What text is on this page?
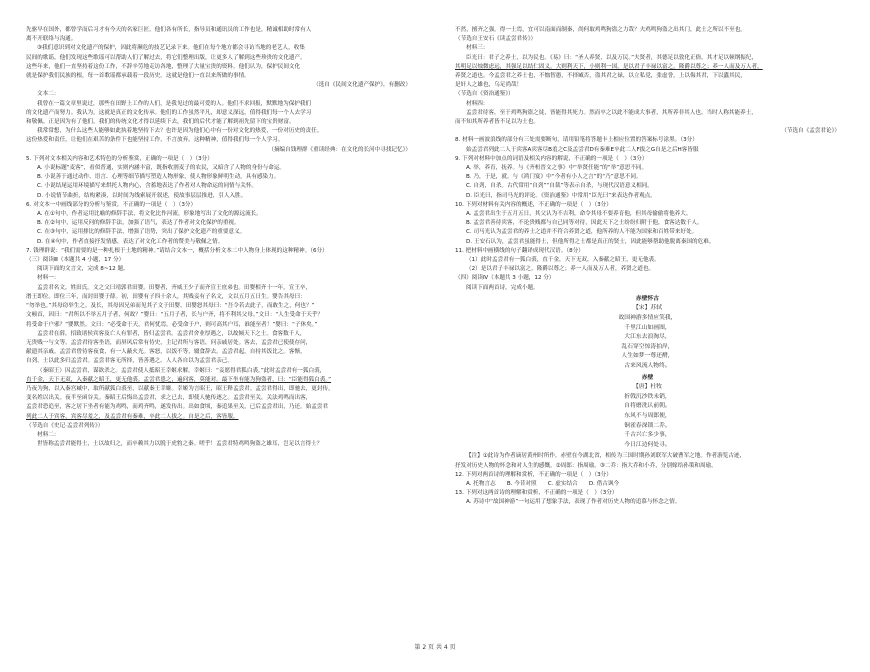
先驱早在国外，都曾学而后习才有今天的名家巨匠。他们各有所长，指导员和通讯员的工作也是，精诚相助时常有人

离不开联络与沟通。

③我们意识到对文化遗产的保护，因此将濒危的技艺记录下来。他们在每个地方都会寻访当地的老艺人，收集

民间的歌谣。他们发现这些歌谣可以帮助人们了解过去，将它们整理出版，让更多人了解到这些珍贵的文化遗产。

这些年来，他们一直坚持着这份工作，不辞辛劳地走访各地，整理了大量宝贵的资料。他们认为，保护民间文化

就是保护我们民族的根，每一首歌谣都承载着一段历史。这就是他们一直以来所做的事情。

（选自《民间文化遗产保护》，有删改）

文本二：

我曾在一篇文章里说过，那些在田野上工作的人们，是我见过的最可爱的人。他们不求回报，默默地为保护我们

的文化遗产而努力。我认为，这就是真正的文化传承。他们的工作虽然平凡，却意义深远，值得我们每一个人去学习

和敬佩。正是因为有了他们，我们的传统文化才得以延续下去，我们的后代才能了解到祖先留下的宝贵财富。

我常常想，为什么这些人能够如此执着地坚持下去？也许是因为他们心中有一份对文化的热爱，一份对历史的责任。

这份热爱和责任，让他们在艰苦的条件下也能坚持工作，不言放弃。这种精神，值得我们每一个人学习。

（摘编自钱理群《重读经典：在文化的长河中寻找记忆》）

5. 下列对文本相关内容和艺术特色的分析鉴赏，正确的一项是（　）（3分）

A. 小说标题“麦客”，看似普通，实则内涵丰富，既指收割麦子的农民，又暗含了人物的身份与命运。

B. 小说善于通过动作、语言、心理等细节描写塑造人物形象，使人物形象鲜明生动，具有感染力。

C. 小说结尾运用环境描写来烘托人物内心，含蓄地表达了作者对人物命运的同情与关怀。

D. 小说情节曲折，结构紧凑，以时间为线索展开叙述，使故事层层推进，引人入胜。

6. 对文本一中画线部分的分析与鉴赏，不正确的一项是（　）（3分）

A. 在①句中，作者运用比喻的修辞手法，将文化比作河流，形象地写出了文化的源远流长。

B. 在②句中，运用反问的修辞手法，加强了语气，表达了作者对文化保护的重视。

C. 在③句中，运用排比的修辞手法，增强了语势，突出了保护文化遗产的重要意义。

D. 在④句中，作者直接抒发情感，表达了对文化工作者的赞美与敬佩之情。

7. 钱理群说：“我们需要的是一种扎根于土地的精神。”请结合文本一，概括分析文本二中人物身上体现的这种精神。（6分）

（三）阅读Ⅲ（本题共 4 小题，17 分）

阅读下面的文言文，完成 8~12 题。

材料一：

孟尝君名文，姓田氏。文之父曰靖郭君田婴。田婴者，齐威王少子而齐宣王庶弟也。田婴相齐十一年，宣王卒，

湣王即位。即位三年，而封田婴于薛。初，田婴有子四十余人，其贱妾有子名文，文以五月五日生。婴告其母曰：

“勿举也。”其母窃举生之。及长，其母因兄弟而见其子文于田婴。田婴怒其母曰：“吾令若去此子，而敢生之，何也？”

文顿首，因曰：“君所以不举五月子者，何故？”婴曰：“五月子者，长与户齐，将不利其父母。”文曰：“人生受命于天乎？

将受命于户邪？”婴默然。文曰：“必受命于天，君何忧焉。必受命于户，则可高其户耳，谁能至者！”婴曰：“子休矣。”

孟尝君在薛，招致诸侯宾客及亡人有罪者，皆归孟尝君。孟尝君舍业厚遇之，以故倾天下之士。食客数千人，

无贵贱一与文等。孟尝君待客坐语，而屏风后常有侍史，主记君所与客语，问亲戚居处。客去，孟尝君已使使存问，

献遗其亲戚。孟尝君曾待客夜食，有一人蔽火光。客怒，以饭不等，辍食辞去。孟尝君起，自持其饭比之。客惭，

自刭。士以此多归孟尝君。孟尝君客无所择，皆善遇之。人人各自以为孟尝君亲己。

（秦昭王）囚孟尝君，谋欲杀之。孟尝君使人抵昭王幸姬求解。幸姬曰：“妾愿得君狐白裘。”此时孟尝君有一狐白裘，

直千金，天下无双，入秦献之昭王，更无他裘。孟尝君患之，遍问客，莫能对。最下坐有能为狗盗者，曰：“臣能得狐白裘。”

乃夜为狗，以入秦宫臧中，取所献狐白裘至，以献秦王幸姬。幸姬为言昭王，昭王释孟尝君。孟尝君得出，即驰去，更封传，

变名姓以出关。夜半至函谷关。秦昭王后悔出孟尝君，求之已去，即使人驰传逐之。孟尝君至关，关法鸡鸣而出客，

孟尝君恐追至，客之居下坐者有能为鸡鸣，而鸡齐鸣，遂发传出。出如食顷，秦追果至关，已后孟尝君出，乃还。始孟尝君

列此二人于宾客，宾客尽羞之，及孟尝君有秦难，卒此二人拔之。自是之后，客皆服。

（节选自《史记·孟尝君列传》）

材料二：

世皆称孟尝君能得士，士以故归之，而卒赖其力以脱于虎豹之秦。嗟乎！孟尝君特鸡鸣狗盗之雄耳，岂足以言得士？

不然，擅齐之强，得一士焉，宜可以南面而制秦，尚何取鸡鸣狗盗之力哉？夫鸡鸣狗盗之出其门，此士之所以不至也。

（节选自王安石《读孟尝君传》）

材料三：

臣光曰：君子之养士，以为民也。《易》曰：“圣人养贤，以及万民。”夫贤者，其德足以敦化正俗，其才足以顿纲振纪，

其明足以烛微虑远，其强足以结仁固义。大则利天下，小则利一国。是以君子丰禄以富之，隆爵以尊之；养一人而及万人者，

养贤之道也。今孟尝君之养士也，不恤智愚，不择臧否，盗其君之禄，以立私党，张虚誉，上以侮其君，下以蠹其民，

是奸人之雄也，乌足尚哉！

（节选自《资治通鉴》）

材料四：

孟尝君待客，至于鸡鸣狗盗之徒，皆能得其死力。然而卒之以此不能成大事者，其所养非其人也。当时人称其能养士，

而不知其所养者皆不足以为士也。

（节选自《孟尝君论》）

8. 材料一画波浪线的部分有三处需要断句，请用铅笔将答题卡上相应位置的答案标号涂黑。（3分）

始孟尝君列此二人于宾客A宾客尽B羞之C及孟尝君D有秦难E卒此二人F拔之G自是之后H客皆服

9. 下列对材料中加点的词语及相关内容的解说，不正确的一项是（　）（3分）

A. 举，养育，抚养。与《齐桓晋文之事》中“举贤任能”的“举”意思不同。

B. 乃，于是，就。与《鸿门宴》中“今者有小人之言”的“乃”意思不同。

C. 自刭，自杀。古代常用“自刭”“自裁”等表示自杀，与现代汉语意义相同。

D. 臣光曰，指司马光的评论。《资治通鉴》中常用“臣光曰”来表达作者观点。

10. 下列对材料有关内容的概述，不正确的一项是（　）（3分）

A. 孟尝君出生于五月五日，其父认为不吉利，命令其母不要养育他，但其母偷偷将他养大。

B. 孟尝君善待宾客，不论贵贱都与自己同等对待，因此天下之士纷纷归附于他，食客达数千人。

C. 司马光认为孟尝君的养士之道并不符合养贤之道，他所养的人不能为国家和百姓带来好处。

D. 王安石认为，孟尝君虽能得士，但他所得之士都是真正的贤士，因此能够帮助他脱离秦国的危难。

11. 把材料中画横线的句子翻译成现代汉语。（8分）

（1）此时孟尝君有一狐白裘，直千金，天下无双，入秦献之昭王，更无他裘。

（2）是以君子丰禄以富之，隆爵以尊之；养一人而及万人者，养贤之道也。

（四）阅读Ⅳ（本题共 3 小题，12 分）

阅读下面两首诗，完成小题。

赤壁怀古
【宋】苏轼
故国神游多情应笑我，
千里江山如画图，
大江东去浪淘尽，
乱石穿空惊涛拍岸，
人生如梦一尊还酹，
古来风流人物终。
赤壁
【唐】杜牧
折戟沉沙铁未销，
自将磨洗认前朝。
东风不与周郎便，
铜雀春深锁二乔。
千古兴亡多少事，
今日江边何处寻。

【注】①此诗为作者谪居黄州时所作。赤壁在今湖北省，相传为三国时期孙刘联军大破曹军之地。作者游览古迹，

抒发对历史人物的怀念和对人生的感慨。②周郎：指周瑜。③二乔：指大乔和小乔，分别嫁给孙策和周瑜。

12. 下列对两首诗的理解和赏析，不正确的一项是（　）（3分）

A. 托物言志　　B. 今昔对照　　C. 虚实结合　　D. 借古讽今

13. 下列对这两首诗的理解和赏析，不正确的一项是（　）（3分）

A. 苏诗中“故国神游”一句运用了想象手法，表现了作者对历史人物的追慕与怀念之情。

第 2 页 共 4 页
